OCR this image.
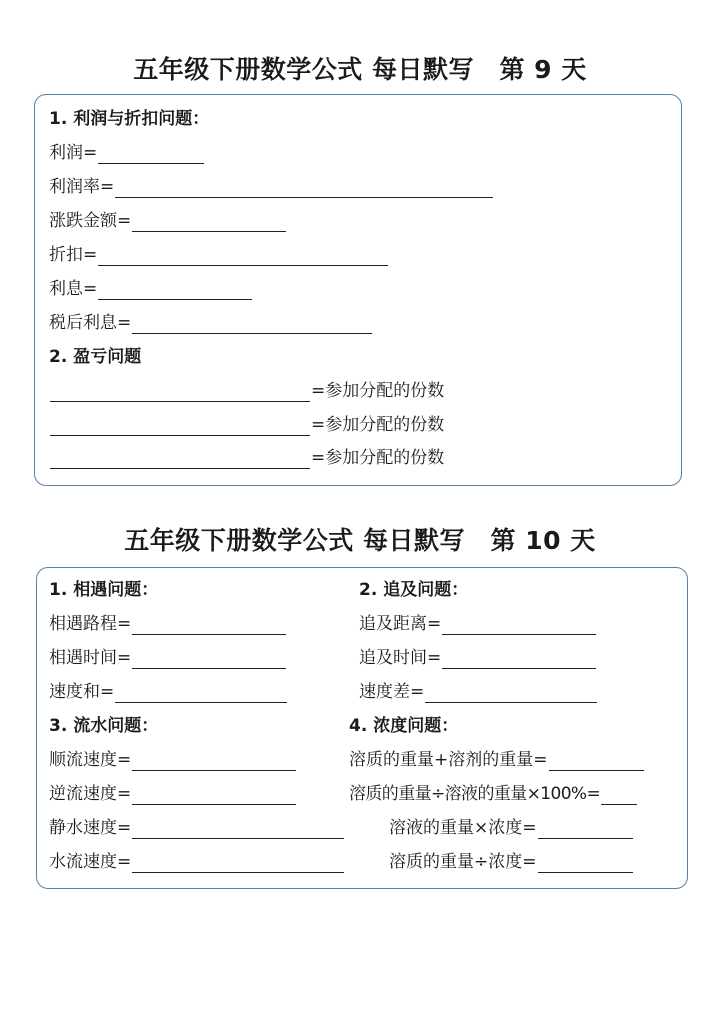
五年级下册数学公式 每日默写　第 9 天
1. 利润与折扣问题：
利润=
利润率=
涨跌金额=
折扣=
利息=
税后利息=
2. 盈亏问题
=参加分配的份数
=参加分配的份数
=参加分配的份数
五年级下册数学公式 每日默写　第 10 天
1. 相遇问题：
相遇路程=
相遇时间=
速度和=
3. 流水问题：
顺流速度=
逆流速度=
静水速度=
水流速度=
2. 追及问题：
追及距离=
追及时间=
速度差=
4. 浓度问题：
溶质的重量+溶剂的重量=
溶质的重量÷溶液的重量×100%=
溶液的重量×浓度=
溶质的重量÷浓度=
